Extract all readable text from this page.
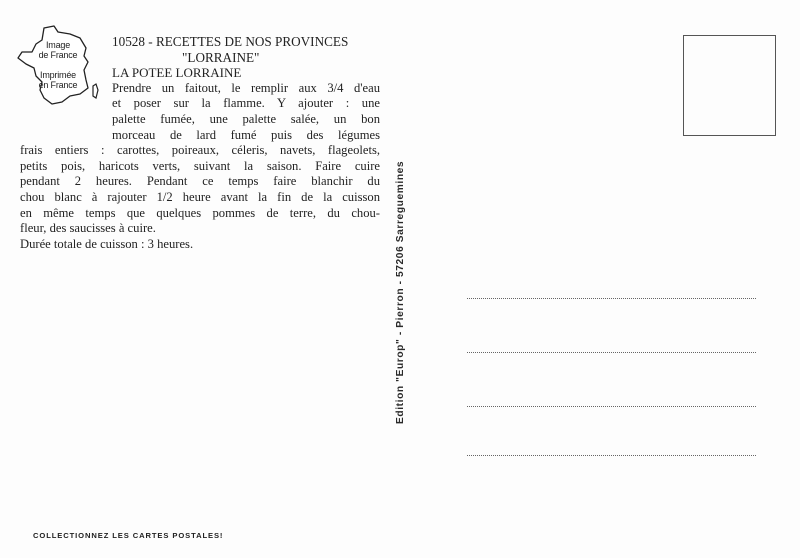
Image
de France
Imprimée
en France
10528 - RECETTES DE NOS PROVINCES
"LORRAINE"
LA POTEE LORRAINE
Prendre un faitout, le remplir aux 3/4 d'eau
et poser sur la flamme. Y ajouter : une
palette fumée, une palette salée, un bon
morceau de lard fumé puis des légumes
frais entiers : carottes, poireaux, céleris, navets, flageolets,
petits pois, haricots verts, suivant la saison. Faire cuire
pendant 2 heures. Pendant ce temps faire blanchir du
chou blanc à rajouter 1/2 heure avant la fin de la cuisson
en même temps que quelques pommes de terre, du chou-
fleur, des saucisses à cuire.
Durée totale de cuisson : 3 heures.	Edition "Europ" - Pierron - 57206 Sarreguemines
COLLECTIONNEZ LES CARTES POSTALES!
